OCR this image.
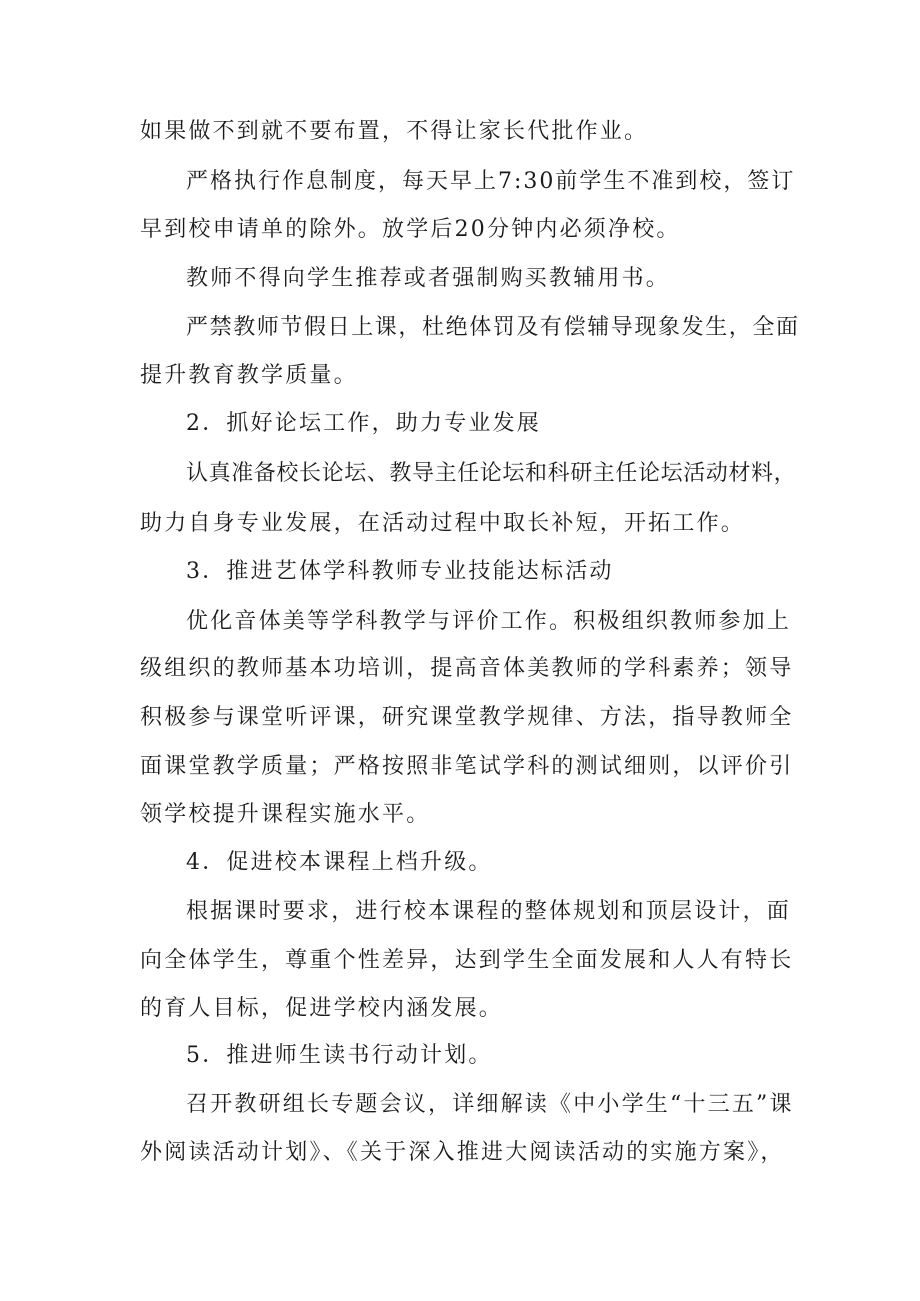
如果做不到就不要布置，不得让家长代批作业。
严格执行作息制度，每天早上7:30前学生不准到校，签订
早到校申请单的除外。放学后20分钟内必须净校。
教师不得向学生推荐或者强制购买教辅用书。
严禁教师节假日上课，杜绝体罚及有偿辅导现象发生，全面
提升教育教学质量。
2．抓好论坛工作，助力专业发展
认真准备校长论坛、教导主任论坛和科研主任论坛活动材料，
助力自身专业发展，在活动过程中取长补短，开拓工作。
3．推进艺体学科教师专业技能达标活动
优化音体美等学科教学与评价工作。积极组织教师参加上
级组织的教师基本功培训，提高音体美教师的学科素养；领导
积极参与课堂听评课，研究课堂教学规律、方法，指导教师全
面课堂教学质量；严格按照非笔试学科的测试细则，以评价引
领学校提升课程实施水平。
4．促进校本课程上档升级。
根据课时要求，进行校本课程的整体规划和顶层设计，面
向全体学生，尊重个性差异，达到学生全面发展和人人有特长
的育人目标，促进学校内涵发展。
5．推进师生读书行动计划。
召开教研组长专题会议，详细解读《中小学生“十三五”课
外阅读活动计划》、《关于深入推进大阅读活动的实施方案》，
